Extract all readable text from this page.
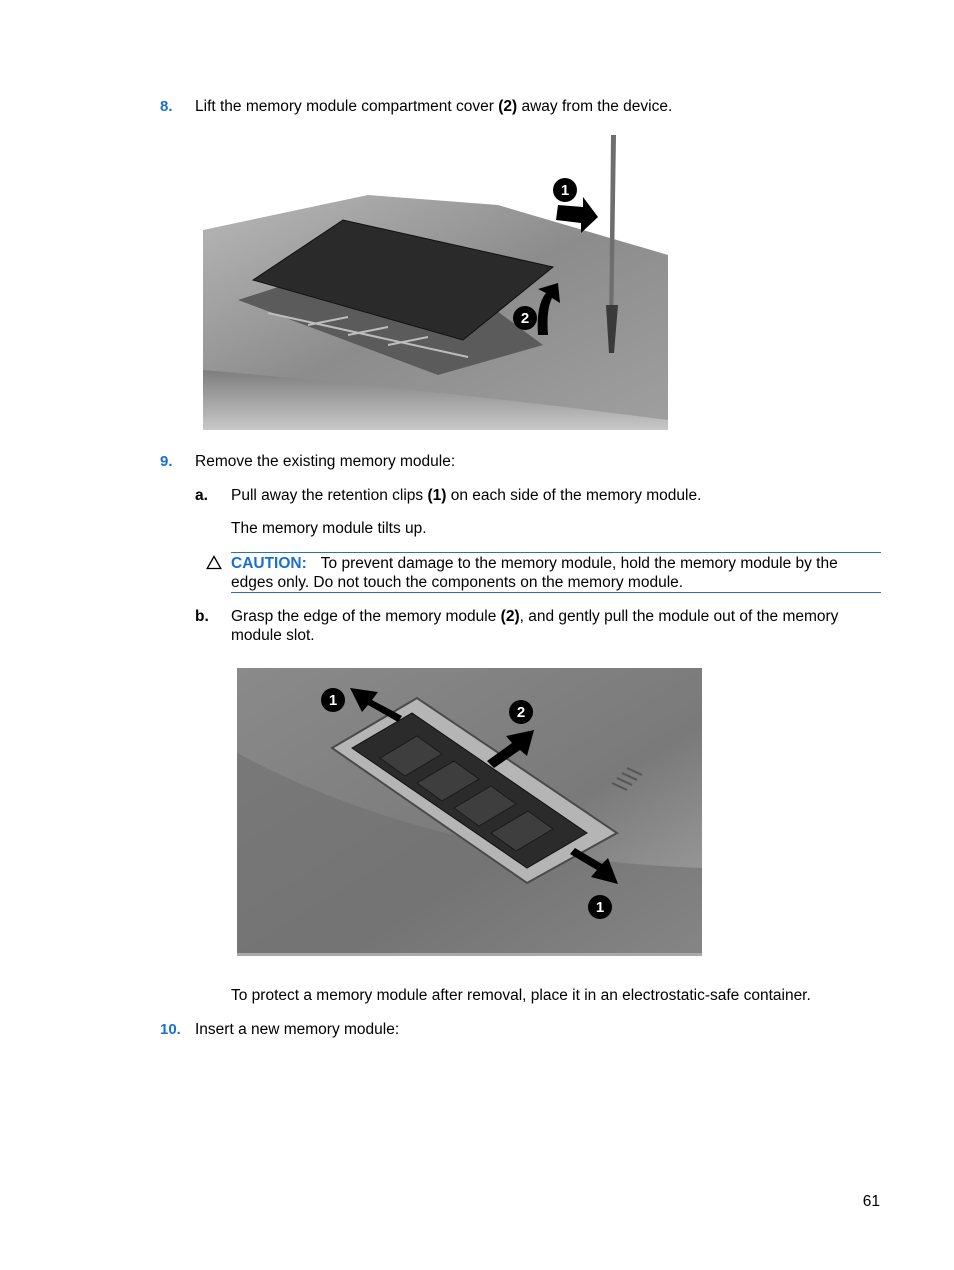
8. Lift the memory module compartment cover (2) away from the device.
1
2
9. Remove the existing memory module:
a. Pull away the retention clips (1) on each side of the memory module.
The memory module tilts up.
CAUTION: To prevent damage to the memory module, hold the memory module by the edges only. Do not touch the components on the memory module.
b. Grasp the edge of the memory module (2), and gently pull the module out of the memory module slot.
1
2
1
To protect a memory module after removal, place it in an electrostatic-safe container.
10. Insert a new memory module:
61
